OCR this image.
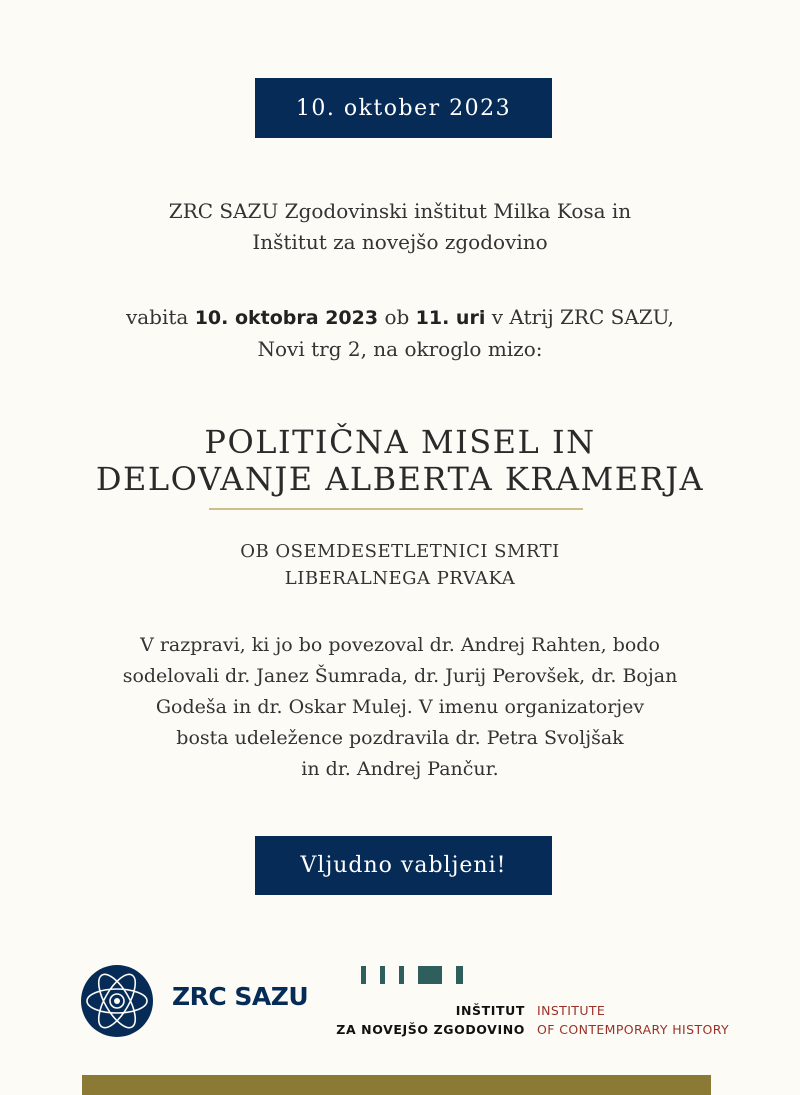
10. oktober 2023
ZRC SAZU Zgodovinski inštitut Milka Kosa in
Inštitut za novejšo zgodovino
vabita 10. oktobra 2023 ob 11. uri v Atrij ZRC SAZU,
Novi trg 2, na okroglo mizo:
POLITIČNA MISEL IN
DELOVANJE ALBERTA KRAMERJA
OB OSEMDESETLETNICI SMRTI
LIBERALNEGA PRVAKA
V razpravi, ki jo bo povezoval dr. Andrej Rahten, bodo
sodelovali dr. Janez Šumrada, dr. Jurij Perovšek, dr. Bojan
Godeša in dr. Oskar Mulej. V imenu organizatorjev
bosta udeležence pozdravila dr. Petra Svoljšak
in dr. Andrej Pančur.
Vljudno vabljeni!
ZRC SAZU	INŠTITUT
ZA NOVEJŠO ZGODOVINO
INSTITUTE
OF CONTEMPORARY HISTORY
